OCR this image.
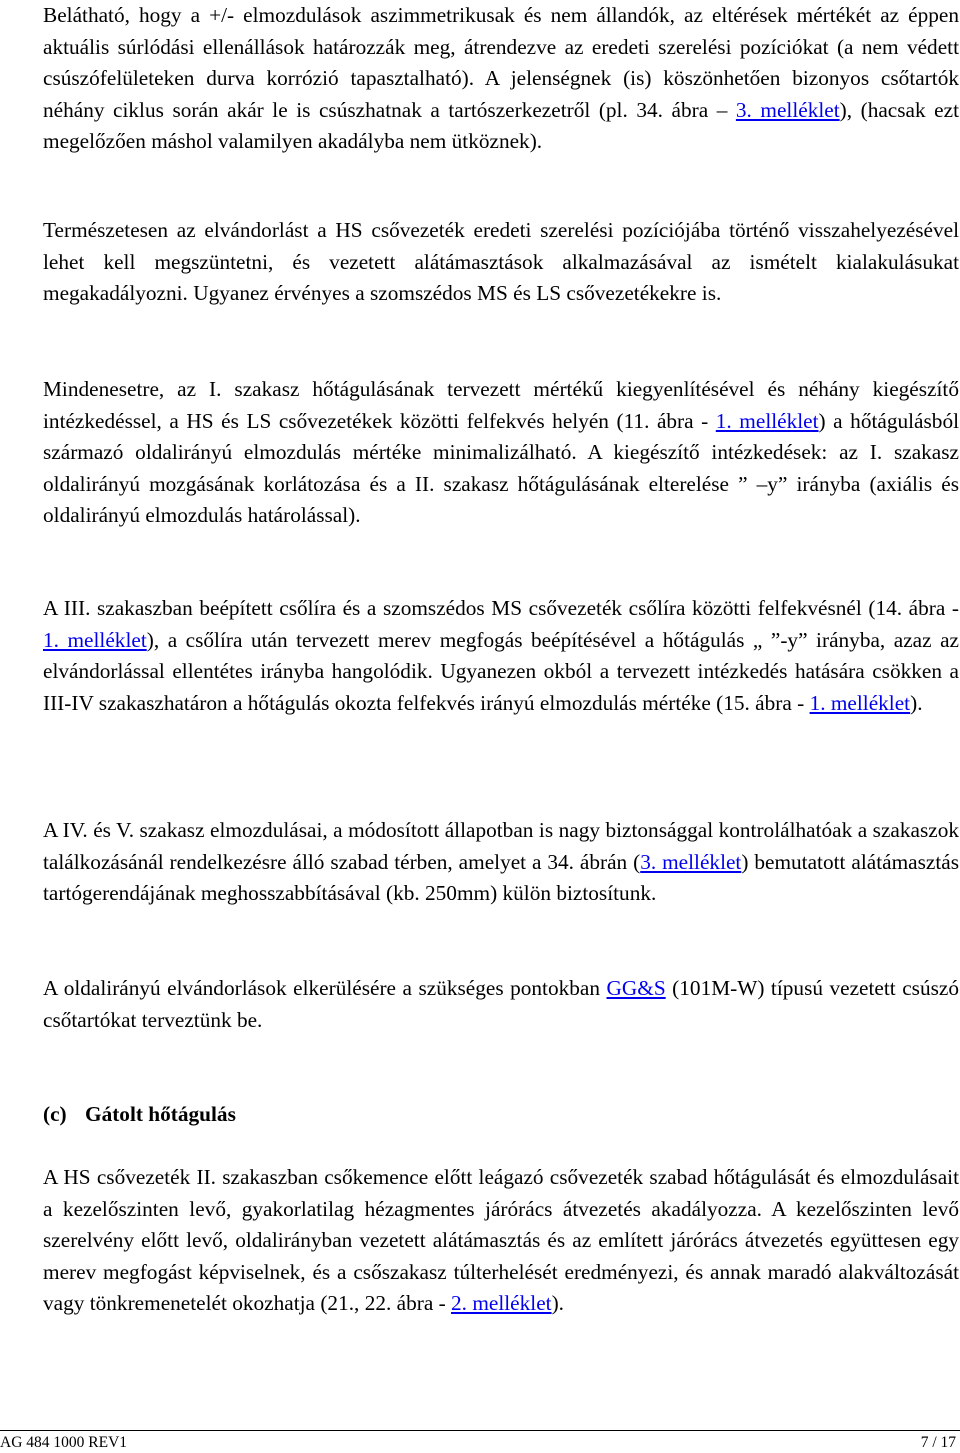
Belátható, hogy a +/- elmozdulások aszimmetrikusak és nem állandók, az eltérések mértékét az éppen aktuális súrlódási ellenállások határozzák meg, átrendezve az eredeti szerelési pozíciókat (a nem védett csúszófelületeken durva korrózió tapasztalható). A jelenségnek (is) köszönhetően bizonyos csőtartók néhány ciklus során akár le is csúszhatnak a tartószerkezetről (pl. 34. ábra – 3. melléklet), (hacsak ezt megelőzően máshol valamilyen akadályba nem ütköznek).

Természetesen az elvándorlást a HS csővezeték eredeti szerelési pozíciójába történő visszahelyezésével lehet kell megszüntetni, és vezetett alátámasztások alkalmazásával az ismételt kialakulásukat megakadályozni. Ugyanez érvényes a szomszédos MS és LS csővezetékekre is.

Mindenesetre, az I. szakasz hőtágulásának tervezett mértékű kiegyenlítésével és néhány kiegészítő intézkedéssel, a HS és LS csővezetékek közötti felfekvés helyén (11. ábra - 1. melléklet) a hőtágulásból származó oldalirányú elmozdulás mértéke minimalizálható. A kiegészítő intézkedések: az I. szakasz oldalirányú mozgásának korlátozása és a II. szakasz hőtágulásának elterelése ” –y” irányba (axiális és oldalirányú elmozdulás határolással).

A III. szakaszban beépített csőlíra és a szomszédos MS csővezeték csőlíra közötti felfekvésnél (14. ábra - 1. melléklet), a csőlíra után tervezett merev megfogás beépítésével a hőtágulás „ ”-y” irányba, azaz az elvándorlással ellentétes irányba hangolódik. Ugyanezen okból a tervezett intézkedés hatására csökken a III-IV szakaszhatáron a hőtágulás okozta felfekvés irányú elmozdulás mértéke (15. ábra - 1. melléklet).

A IV. és V. szakasz elmozdulásai, a módosított állapotban is nagy biztonsággal kontrolálhatóak a szakaszok találkozásánál rendelkezésre álló szabad térben, amelyet a 34. ábrán (3. melléklet) bemutatott alátámasztás tartógerendájának meghosszabbításával (kb. 250mm) külön biztosítunk.

A oldalirányú elvándorlások elkerülésére a szükséges pontokban GG&S (101M-W) típusú vezetett csúszó csőtartókat terveztünk be.

(c) Gátolt hőtágulás

A HS csővezeték II. szakaszban csőkemence előtt leágazó csővezeték szabad hőtágulását és elmozdulásait a kezelőszinten levő, gyakorlatilag hézagmentes járórács átvezetés akadályozza. A kezelőszinten levő szerelvény előtt levő, oldalirányban vezetett alátámasztás és az említett járórács átvezetés együttesen egy merev megfogást képviselnek, és a csőszakasz túlterhelését eredményezi, és annak maradó alakváltozását vagy tönkremenetelét okozhatja (21., 22. ábra - 2. melléklet).

AG 484 1000 REV1	7 / 17
